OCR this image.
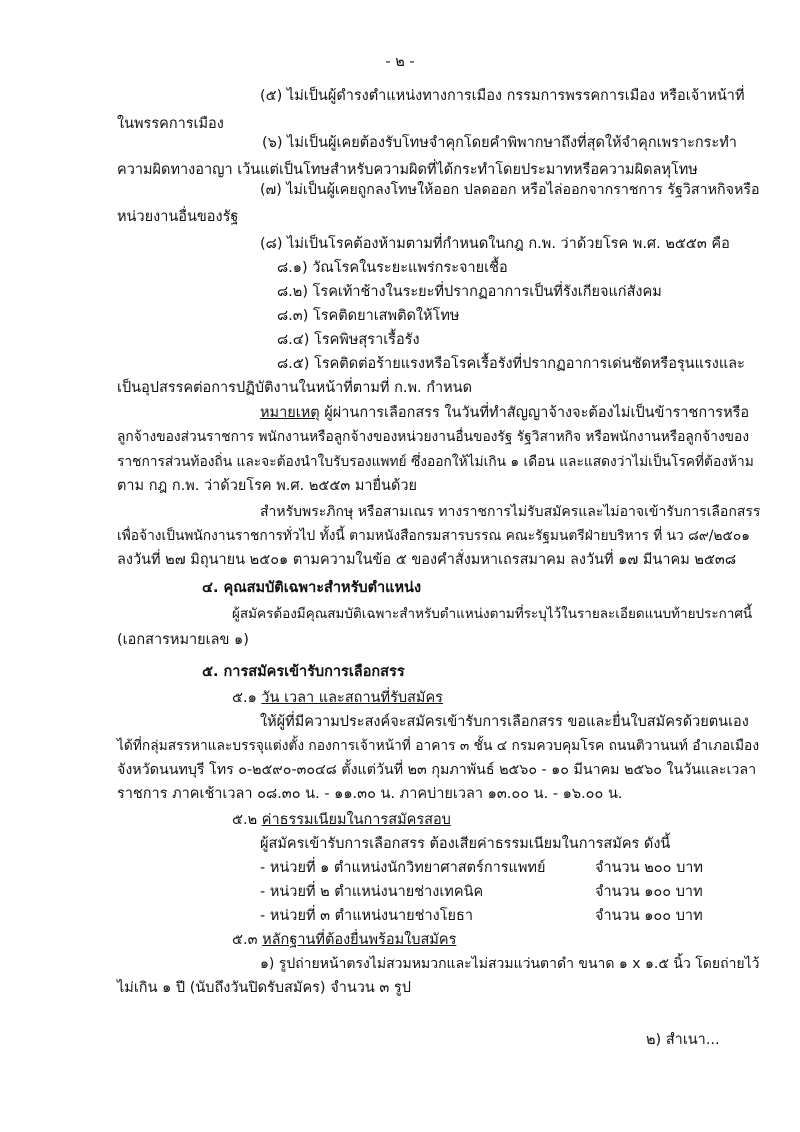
- ๒ -
(๕) ไม่เป็นผู้ดำรงตำแหน่งทางการเมือง กรรมการพรรคการเมือง หรือเจ้าหน้าที่
ในพรรคการเมือง
(๖) ไม่เป็นผู้เคยต้องรับโทษจำคุกโดยคำพิพากษาถึงที่สุดให้จำคุกเพราะกระทำ
ความผิดทางอาญา เว้นแต่เป็นโทษสำหรับความผิดที่ได้กระทำโดยประมาทหรือความผิดลหุโทษ
(๗) ไม่เป็นผู้เคยถูกลงโทษให้ออก ปลดออก หรือไล่ออกจากราชการ รัฐวิสาหกิจหรือ
หน่วยงานอื่นของรัฐ
(๘) ไม่เป็นโรคต้องห้ามตามที่กำหนดในกฎ ก.พ. ว่าด้วยโรค พ.ศ. ๒๕๕๓ คือ
๘.๑) วัณโรคในระยะแพร่กระจายเชื้อ
๘.๒) โรคเท้าช้างในระยะที่ปรากฏอาการเป็นที่รังเกียจแก่สังคม
๘.๓) โรคติดยาเสพติดให้โทษ
๘.๔) โรคพิษสุราเรื้อรัง
๘.๕) โรคติดต่อร้ายแรงหรือโรคเรื้อรังที่ปรากฏอาการเด่นชัดหรือรุนแรงและ
เป็นอุปสรรคต่อการปฏิบัติงานในหน้าที่ตามที่ ก.พ. กำหนด
หมายเหตุ ผู้ผ่านการเลือกสรร ในวันที่ทำสัญญาจ้างจะต้องไม่เป็นข้าราชการหรือ
ลูกจ้างของส่วนราชการ พนักงานหรือลูกจ้างของหน่วยงานอื่นของรัฐ รัฐวิสาหกิจ หรือพนักงานหรือลูกจ้างของ
ราชการส่วนท้องถิ่น และจะต้องนำใบรับรองแพทย์ ซึ่งออกให้ไม่เกิน ๑ เดือน และแสดงว่าไม่เป็นโรคที่ต้องห้าม
ตาม กฎ ก.พ. ว่าด้วยโรค พ.ศ. ๒๕๕๓ มายื่นด้วย
สำหรับพระภิกษุ หรือสามเณร ทางราชการไม่รับสมัครและไม่อาจเข้ารับการเลือกสรร
เพื่อจ้างเป็นพนักงานราชการทั่วไป ทั้งนี้ ตามหนังสือกรมสารบรรณ คณะรัฐมนตรีฝ่ายบริหาร ที่ นว ๘๙/๒๕๐๑
ลงวันที่ ๒๗ มิถุนายน ๒๕๐๑ ตามความในข้อ ๕ ของคำสั่งมหาเถรสมาคม ลงวันที่ ๑๗ มีนาคม ๒๕๓๘
๔. คุณสมบัติเฉพาะสำหรับตำแหน่ง
ผู้สมัครต้องมีคุณสมบัติเฉพาะสำหรับตำแหน่งตามที่ระบุไว้ในรายละเอียดแนบท้ายประกาศนี้
(เอกสารหมายเลข ๑)
๕. การสมัครเข้ารับการเลือกสรร
๕.๑ วัน เวลา และสถานที่รับสมัคร
ให้ผู้ที่มีความประสงค์จะสมัครเข้ารับการเลือกสรร ขอและยื่นใบสมัครด้วยตนเอง
ได้ที่กลุ่มสรรหาและบรรจุแต่งตั้ง กองการเจ้าหน้าที่ อาคาร ๓ ชั้น ๔ กรมควบคุมโรค ถนนติวานนท์ อำเภอเมือง
จังหวัดนนทบุรี โทร ๐-๒๕๙๐-๓๐๔๘ ตั้งแต่วันที่ ๒๓ กุมภาพันธ์ ๒๕๖๐ - ๑๐ มีนาคม ๒๕๖๐ ในวันและเวลา
ราชการ ภาคเช้าเวลา ๐๘.๓๐ น. - ๑๑.๓๐ น. ภาคบ่ายเวลา ๑๓.๐๐ น. - ๑๖.๐๐ น.
๕.๒ ค่าธรรมเนียมในการสมัครสอบ
ผู้สมัครเข้ารับการเลือกสรร ต้องเสียค่าธรรมเนียมในการสมัคร ดังนี้
- หน่วยที่ ๑ ตำแหน่งนักวิทยาศาสตร์การแพทย์	จำนวน ๒๐๐ บาท
- หน่วยที่ ๒ ตำแหน่งนายช่างเทคนิค	จำนวน ๑๐๐ บาท
- หน่วยที่ ๓ ตำแหน่งนายช่างโยธา	จำนวน ๑๐๐ บาท
๕.๓ หลักฐานที่ต้องยื่นพร้อมใบสมัคร
๑) รูปถ่ายหน้าตรงไม่สวมหมวกและไม่สวมแว่นตาดำ ขนาด ๑ x ๑.๕ นิ้ว โดยถ่ายไว้
ไม่เกิน ๑ ปี (นับถึงวันปิดรับสมัคร) จำนวน ๓ รูป
๒) สำเนา...
